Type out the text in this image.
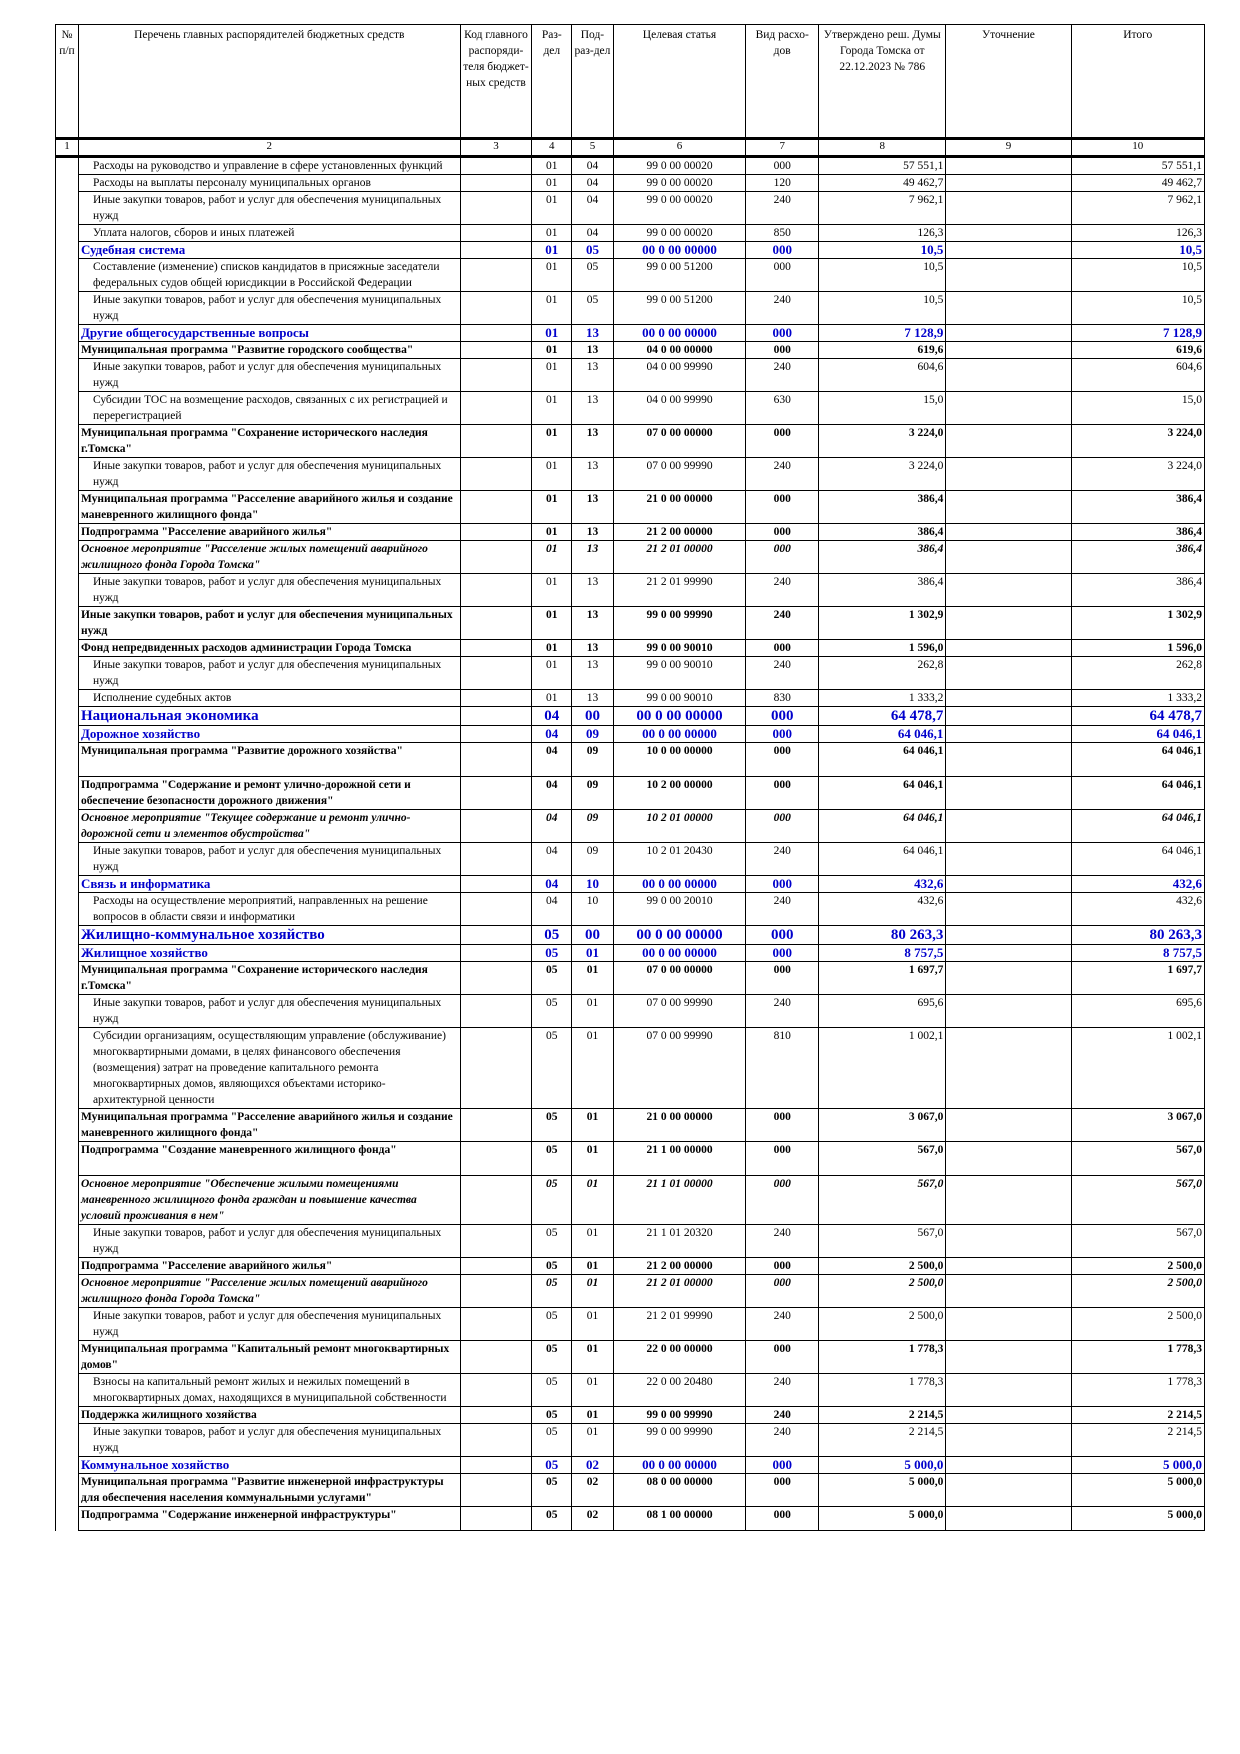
№ п/п	Перечень главных распорядителей бюджетных средств	Код главного распоряди-теля бюджет-ных средств	Раз-дел	Под-раз-дел	Целевая статья	Вид расхо-дов	Утверждено реш. Думы Города Томска от 22.12.2023 № 786	Уточнение	Итого
1	2	3	4	5	6	7	8	9	10
	Расходы на руководство и управление в сфере установленных функций		01	04	99 0 00 00020	000	57 551,1		57 551,1
	Расходы на выплаты персоналу муниципальных органов		01	04	99 0 00 00020	120	49 462,7		49 462,7
	Иные закупки товаров, работ и услуг для обеспечения муниципальных нужд		01	04	99 0 00 00020	240	7 962,1		7 962,1
	Уплата налогов, сборов и иных платежей		01	04	99 0 00 00020	850	126,3		126,3
	Судебная система		01	05	00 0 00 00000	000	10,5		10,5
	Составление (изменение) списков кандидатов в присяжные заседатели федеральных судов общей юрисдикции в Российской Федерации		01	05	99 0 00 51200	000	10,5		10,5
	Иные закупки товаров, работ и услуг для обеспечения муниципальных нужд		01	05	99 0 00 51200	240	10,5		10,5
	Другие общегосударственные вопросы		01	13	00 0 00 00000	000	7 128,9		7 128,9
	Муниципальная программа "Развитие городского сообщества"		01	13	04 0 00 00000	000	619,6		619,6
	Иные закупки товаров, работ и услуг для обеспечения муниципальных нужд		01	13	04 0 00 99990	240	604,6		604,6
	Субсидии ТОС на возмещение расходов, связанных с их регистрацией и перерегистрацией		01	13	04 0 00 99990	630	15,0		15,0
	Муниципальная программа "Сохранение исторического наследия г.Томска"		01	13	07 0 00 00000	000	3 224,0		3 224,0
	Иные закупки товаров, работ и услуг для обеспечения муниципальных нужд		01	13	07 0 00 99990	240	3 224,0		3 224,0
	Муниципальная программа "Расселение аварийного жилья и создание маневренного жилищного фонда"		01	13	21 0 00 00000	000	386,4		386,4
	Подпрограмма "Расселение аварийного жилья"		01	13	21 2 00 00000	000	386,4		386,4
	Основное мероприятие "Расселение жилых помещений аварийного жилищного фонда Города Томска"		01	13	21 2 01 00000	000	386,4		386,4
	Иные закупки товаров, работ и услуг для обеспечения муниципальных нужд		01	13	21 2 01 99990	240	386,4		386,4
	Иные закупки товаров, работ и услуг для обеспечения муниципальных нужд		01	13	99 0 00 99990	240	1 302,9		1 302,9
	Фонд непредвиденных расходов администрации Города Томска		01	13	99 0 00 90010	000	1 596,0		1 596,0
	Иные закупки товаров, работ и услуг для обеспечения муниципальных нужд		01	13	99 0 00 90010	240	262,8		262,8
	Исполнение судебных актов		01	13	99 0 00 90010	830	1 333,2		1 333,2
	Национальная экономика		04	00	00 0 00 00000	000	64 478,7		64 478,7
	Дорожное хозяйство		04	09	00 0 00 00000	000	64 046,1		64 046,1
	Муниципальная программа "Развитие дорожного хозяйства"		04	09	10 0 00 00000	000	64 046,1		64 046,1
	Подпрограмма "Содержание и ремонт улично-дорожной сети и обеспечение безопасности дорожного движения"		04	09	10 2 00 00000	000	64 046,1		64 046,1
	Основное мероприятие "Текущее содержание и ремонт улично-дорожной сети и элементов обустройства"		04	09	10 2 01 00000	000	64 046,1		64 046,1
	Иные закупки товаров, работ и услуг для обеспечения муниципальных нужд		04	09	10 2 01 20430	240	64 046,1		64 046,1
	Связь и информатика		04	10	00 0 00 00000	000	432,6		432,6
	Расходы на осуществление мероприятий, направленных на решение вопросов в области связи и информатики		04	10	99 0 00 20010	240	432,6		432,6
	Жилищно-коммунальное хозяйство		05	00	00 0 00 00000	000	80 263,3		80 263,3
	Жилищное хозяйство		05	01	00 0 00 00000	000	8 757,5		8 757,5
	Муниципальная программа "Сохранение исторического наследия г.Томска"		05	01	07 0 00 00000	000	1 697,7		1 697,7
	Иные закупки товаров, работ и услуг для обеспечения муниципальных нужд		05	01	07 0 00 99990	240	695,6		695,6
	Субсидии организациям, осуществляющим управление (обслуживание) многоквартирными домами, в целях финансового обеспечения (возмещения) затрат на проведение капитального ремонта многоквартирных домов, являющихся объектами историко-архитектурной ценности		05	01	07 0 00 99990	810	1 002,1		1 002,1
	Муниципальная программа "Расселение аварийного жилья и создание маневренного жилищного фонда"		05	01	21 0 00 00000	000	3 067,0		3 067,0
	Подпрограмма "Создание маневренного жилищного фонда"		05	01	21 1 00 00000	000	567,0		567,0
	Основное мероприятие "Обеспечение жилыми помещениями маневренного жилищного фонда граждан и повышение качества условий проживания в нем"		05	01	21 1 01 00000	000	567,0		567,0
	Иные закупки товаров, работ и услуг для обеспечения муниципальных нужд		05	01	21 1 01 20320	240	567,0		567,0
	Подпрограмма "Расселение аварийного жилья"		05	01	21 2 00 00000	000	2 500,0		2 500,0
	Основное мероприятие "Расселение жилых помещений аварийного жилищного фонда Города Томска"		05	01	21 2 01 00000	000	2 500,0		2 500,0
	Иные закупки товаров, работ и услуг для обеспечения муниципальных нужд		05	01	21 2 01 99990	240	2 500,0		2 500,0
	Муниципальная программа "Капитальный ремонт многоквартирных домов"		05	01	22 0 00 00000	000	1 778,3		1 778,3
	Взносы на капитальный ремонт жилых и нежилых помещений в многоквартирных домах, находящихся в муниципальной собственности		05	01	22 0 00 20480	240	1 778,3		1 778,3
	Поддержка жилищного хозяйства		05	01	99 0 00 99990	240	2 214,5		2 214,5
	Иные закупки товаров, работ и услуг для обеспечения муниципальных нужд		05	01	99 0 00 99990	240	2 214,5		2 214,5
	Коммунальное хозяйство		05	02	00 0 00 00000	000	5 000,0		5 000,0
	Муниципальная программа "Развитие инженерной инфраструктуры для обеспечения населения коммунальными услугами"		05	02	08 0 00 00000	000	5 000,0		5 000,0
	Подпрограмма "Содержание инженерной инфраструктуры"		05	02	08 1 00 00000	000	5 000,0		5 000,0
